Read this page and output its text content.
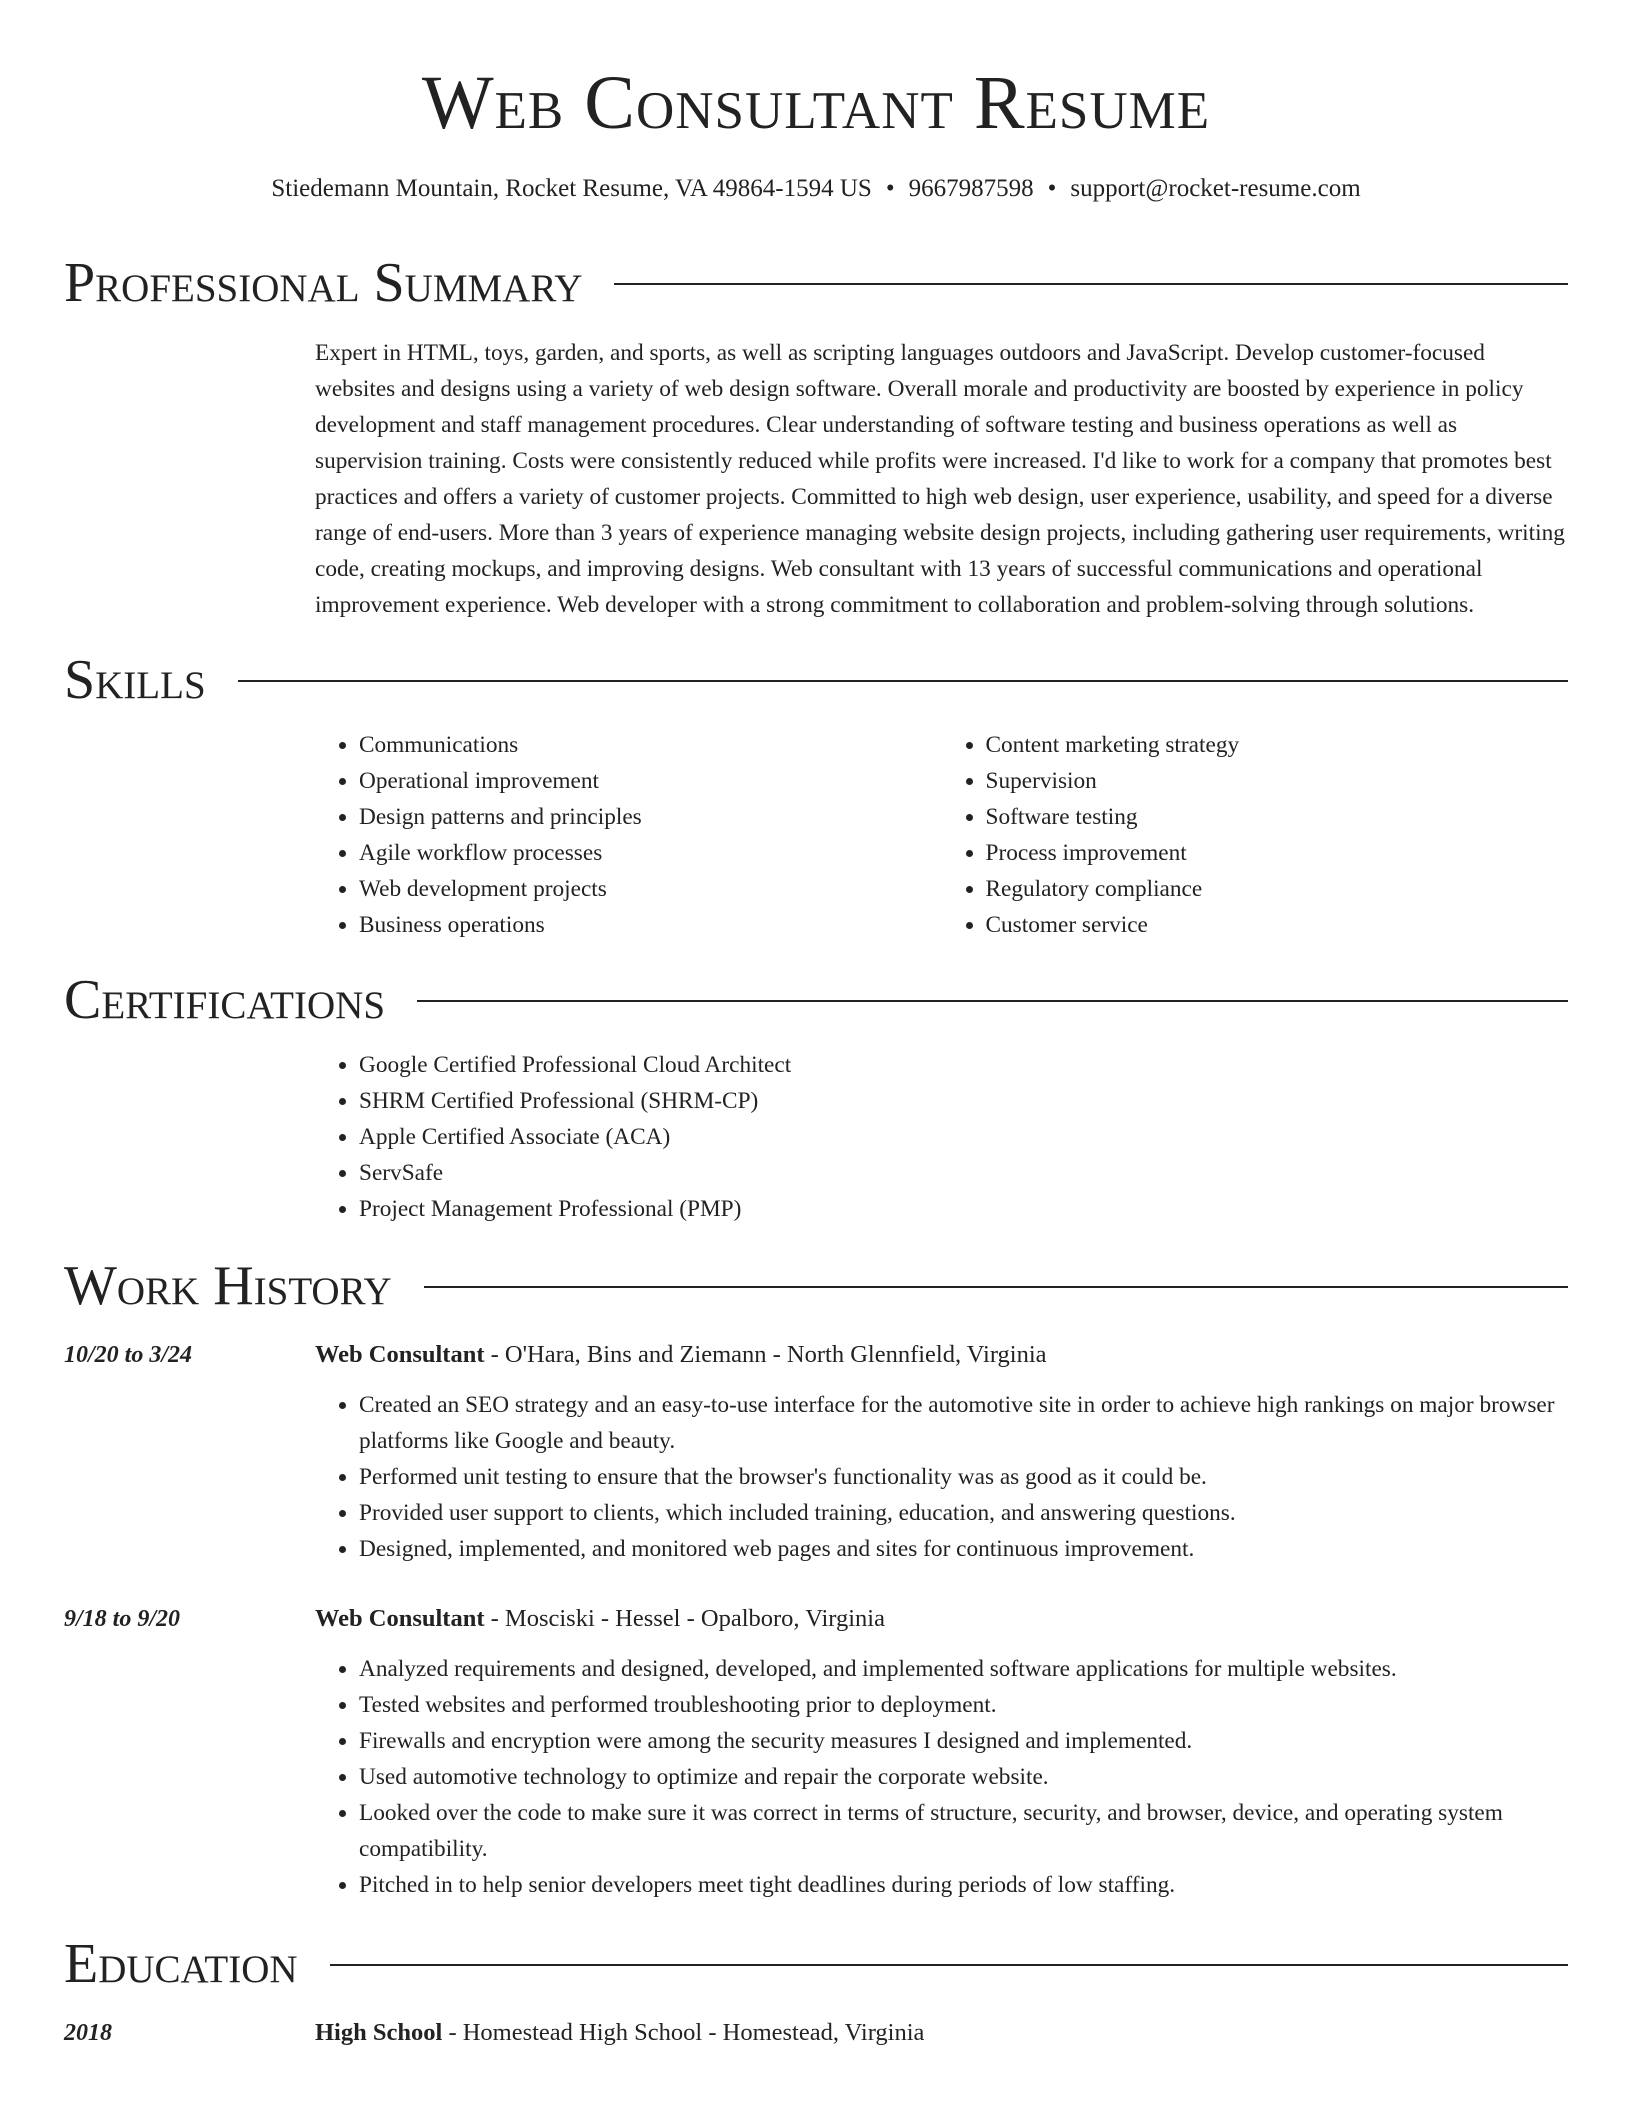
Web Consultant Resume
Stiedemann Mountain, Rocket Resume, VA 49864-1594 US • 9667987598 • support@rocket-resume.com
Professional Summary

Expert in HTML, toys, garden, and sports, as well as scripting languages outdoors and JavaScript. Develop customer-focused websites and designs using a variety of web design software. Overall morale and productivity are boosted by experience in policy development and staff management procedures. Clear understanding of software testing and business operations as well as supervision training. Costs were consistently reduced while profits were increased. I'd like to work for a company that promotes best practices and offers a variety of customer projects. Committed to high web design, user experience, usability, and speed for a diverse range of end-users. More than 3 years of experience managing website design projects, including gathering user requirements, writing code, creating mockups, and improving designs. Web consultant with 13 years of successful communications and operational improvement experience. Web developer with a strong commitment to collaboration and problem-solving through solutions.

Skills
• Communications
• Operational improvement
• Design patterns and principles
• Agile workflow processes
• Web development projects
• Business operations
• Content marketing strategy
• Supervision
• Software testing
• Process improvement
• Regulatory compliance
• Customer service
Certifications
• Google Certified Professional Cloud Architect
• SHRM Certified Professional (SHRM-CP)
• Apple Certified Associate (ACA)
• ServSafe
• Project Management Professional (PMP)
Work History
10/20 to 3/24	Web Consultant - O'Hara, Bins and Ziemann - North Glennfield, Virginia
• Created an SEO strategy and an easy-to-use interface for the automotive site in order to achieve high rankings on major browser platforms like Google and beauty.
• Performed unit testing to ensure that the browser's functionality was as good as it could be.
• Provided user support to clients, which included training, education, and answering questions.
• Designed, implemented, and monitored web pages and sites for continuous improvement.
9/18 to 9/20	Web Consultant - Mosciski - Hessel - Opalboro, Virginia
• Analyzed requirements and designed, developed, and implemented software applications for multiple websites.
• Tested websites and performed troubleshooting prior to deployment.
• Firewalls and encryption were among the security measures I designed and implemented.
• Used automotive technology to optimize and repair the corporate website.
• Looked over the code to make sure it was correct in terms of structure, security, and browser, device, and operating system compatibility.
• Pitched in to help senior developers meet tight deadlines during periods of low staffing.
Education
2018	High School - Homestead High School - Homestead, Virginia
